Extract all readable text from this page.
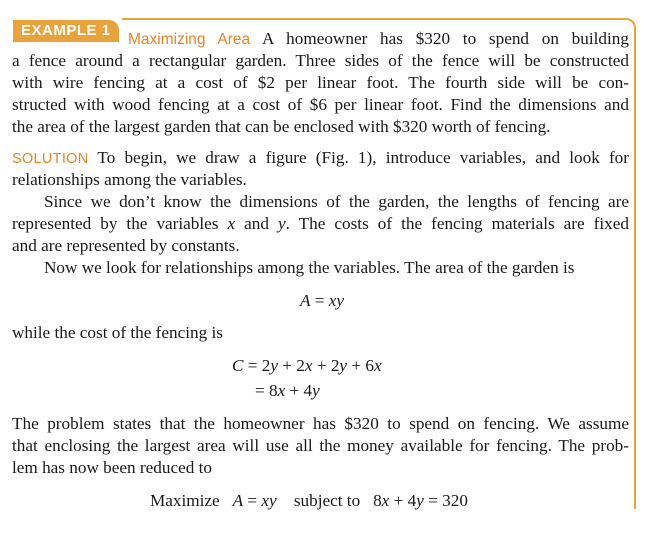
EXAMPLE 1
Maximizing Area A homeowner has $320 to spend on building
a fence around a rectangular garden. Three sides of the fence will be constructed
with wire fencing at a cost of $2 per linear foot. The fourth side will be con-
structed with wood fencing at a cost of $6 per linear foot. Find the dimensions and
the area of the largest garden that can be enclosed with $320 worth of fencing.
SOLUTION To begin, we draw a figure (Fig. 1), introduce variables, and look for
relationships among the variables.
Since we don’t know the dimensions of the garden, the lengths of fencing are
represented by the variables x and y. The costs of the fencing materials are fixed
and are represented by constants.
Now we look for relationships among the variables. The area of the garden is
A = xy
while the cost of the fencing is
C = 2y + 2x + 2y + 6x
= 8x + 4y
The problem states that the homeowner has $320 to spend on fencing. We assume
that enclosing the largest area will use all the money available for fencing. The prob-
lem has now been reduced to
Maximize A = xy subject to   8x + 4y = 320
